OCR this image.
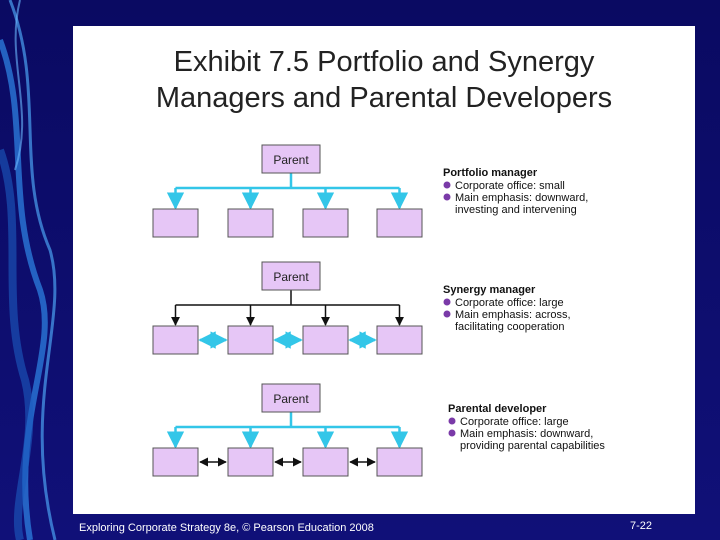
Exhibit 7.5 Portfolio and Synergy
Managers and Parental Developers
Parent
Portfolio manager
Corporate office: small
Main emphasis: downward,
investing and intervening
Parent
Synergy manager
Corporate office: large
Main emphasis: across,
facilitating cooperation
Parent
Parental developer
Corporate office: large
Main emphasis: downward,
providing parental capabilities
Exploring Corporate Strategy 8e, © Pearson Education 2008	7-22
